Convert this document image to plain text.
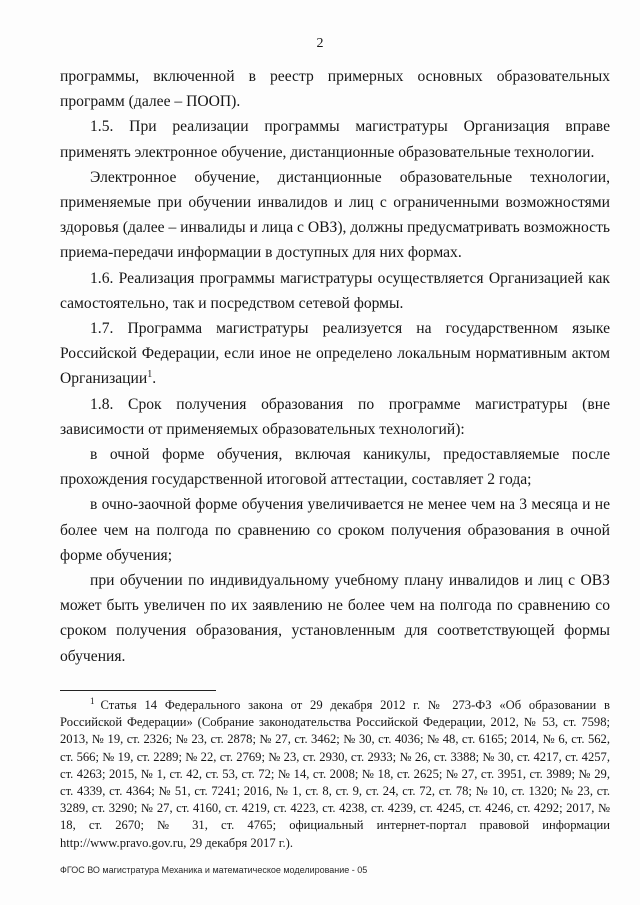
2

программы, включенной в реестр примерных основных образовательных программ (далее – ПООП).

1.5. При реализации программы магистратуры Организация вправе применять электронное обучение, дистанционные образовательные технологии.

Электронное обучение, дистанционные образовательные технологии, применяемые при обучении инвалидов и лиц с ограниченными возможностями здоровья (далее – инвалиды и лица с ОВЗ), должны предусматривать возможность приема-передачи информации в доступных для них формах.

1.6. Реализация программы магистратуры осуществляется Организацией как самостоятельно, так и посредством сетевой формы.

1.7. Программа магистратуры реализуется на государственном языке Российской Федерации, если иное не определено локальным нормативным актом Организации$^1$.

1.8. Срок получения образования по программе магистратуры (вне зависимости от применяемых образовательных технологий):

в очной форме обучения, включая каникулы, предоставляемые после прохождения государственной итоговой аттестации, составляет 2 года;

в очно-заочной форме обучения увеличивается не менее чем на 3 месяца и не более чем на полгода по сравнению со сроком получения образования в очной форме обучения;

при обучении по индивидуальному учебному плану инвалидов и лиц с ОВЗ может быть увеличен по их заявлению не более чем на полгода по сравнению со сроком получения образования, установленным для соответствующей формы обучения.

$^1$ Статья 14 Федерального закона от 29 декабря 2012 г. № 273-ФЗ «Об образовании в Российской Федерации» (Собрание законодательства Российской Федерации, 2012, № 53, ст. 7598; 2013, № 19, ст. 2326; № 23, ст. 2878; № 27, ст. 3462; № 30, ст. 4036; № 48, ст. 6165; 2014, № 6, ст. 562, ст. 566; № 19, ст. 2289; № 22, ст. 2769; № 23, ст. 2930, ст. 2933; № 26, ст. 3388; № 30, ст. 4217, ст. 4257, ст. 4263; 2015, № 1, ст. 42, ст. 53, ст. 72; № 14, ст. 2008; № 18, ст. 2625; № 27, ст. 3951, ст. 3989; № 29, ст. 4339, ст. 4364; № 51, ст. 7241; 2016, № 1, ст. 8, ст. 9, ст. 24, ст. 72, ст. 78; № 10, ст. 1320; № 23, ст. 3289, ст. 3290; № 27, ст. 4160, ст. 4219, ст. 4223, ст. 4238, ст. 4239, ст. 4245, ст. 4246, ст. 4292; 2017, № 18, ст. 2670; № 31, ст. 4765; официальный интернет-портал правовой информации http://www.pravo.gov.ru, 29 декабря 2017 г.).

ФГОС ВО магистратура Механика и математическое моделирование - 05
